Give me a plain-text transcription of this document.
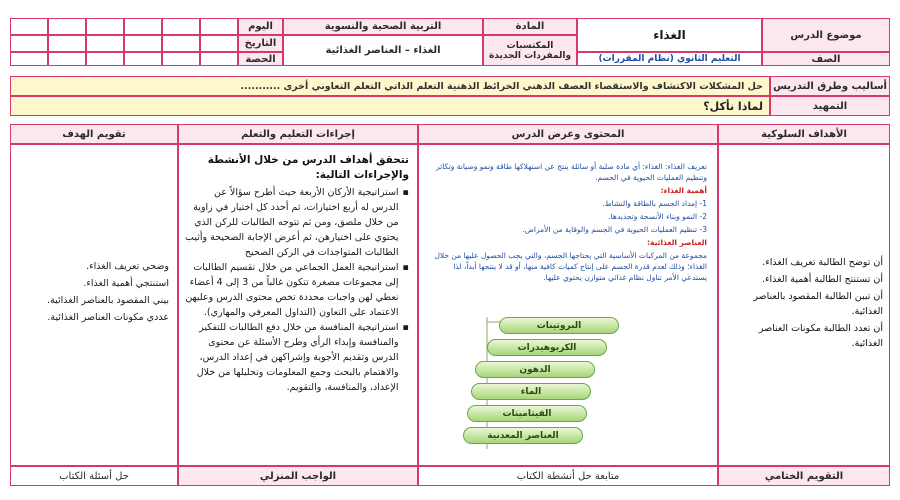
موضوع الدرس
الغذاء
المادة
المكتسبات والمفردات الجديدة
التربية الصحية والنسوية
الغذاء – العناصر الغذائية
اليوم
التاريخ
الحصة	الصف
التعليم الثانوي (نظام المقررات)
أساليب وطرق التدريس
حل المشكلات الاكتشاف والاستقصاء العصف الذهني الخرائط الذهنية التعلم الذاتي التعلم التعاوني أخرى ...........
التمهيد
لماذا نأكل؟
الأهداف السلوكية
المحتوى وعرض الدرس
إجراءات التعليم والتعلم
تقويم الهدف

أن توضح الطالبة تعريف الغذاء.

أن تستنتج الطالبة أهمية الغذاء.

أن تبين الطالبة المقصود بالعناصر الغذائية.

أن تعدد الطالبة مكونات العناصر الغذائية.

تعريف الغذاء: الغذاء: أي مادة صلبة أو سائلة ينتج عن استهلاكها طاقة ونمو وصيانة وتكاثر وتنظيم العمليات الحيوية في الجسم.

أهمية الغذاء:

1- إمداد الجسم بالطاقة والنشاط.

2- النمو وبناء الأنسجة وتجديدها.

3- تنظيم العمليات الحيوية في الجسم والوقاية من الأمراض.

العناصر الغذائية:

مجموعة من المركبات الأساسية التي يحتاجها الجسم، والتي يجب الحصول عليها من خلال الغذاء؛ وذلك لعدم قدرة الجسم على إنتاج كميات كافية منها، أو قد لا ينتجها أبداً، لذا يستدعي الأمر تناول نظام غذائي متوازن يحتوي عليها.

البروتينات
الكربوهيدرات
الدهون
الماء
الفيتامينات
العناصر المعدنية

تتحقق أهداف الدرس من خلال الأنشطة والإجراءات التالية:

▪
استراتيجية الأركان الأربعة حيث أطرح سؤالاً عن الدرس له أربع اختيارات، ثم أحدد كل اختيار في زاوية من خلال ملصق، ومن ثم تتوجه الطالبات للركن الذي يحتوي على اختيارهن، ثم أعرض الإجابة الصحيحة وأثيب الطالبات المتواجدات في الركن الصحيح
▪
استراتيجية العمل الجماعي من خلال تقسيم الطالبات إلى مجموعات مصغرة تتكون غالباً من 3 إلى 4 أعضاء نعطي لهن واجبات محددة تخص محتوى الدرس وعليهن الاعتماد على التعاون (التداول المعرفي والمهاري).
▪
استراتيجية المنافسة من خلال دفع الطالبات للتفكير والمنافسة وإبداء الرأي وطرح الأسئلة عن محتوى الدرس وتقديم الأجوبة وإشراكهن في إعداد الدرس، والاهتمام بالبحث وجمع المعلومات وتحليلها من خلال الإعداد، والمنافسة، والتقويم.

وضحي تعريف الغذاء.

استنتجي أهمية الغذاء.

بيني المقصود بالعناصر الغذائية.

عددي مكونات العناصر الغذائية.

التقويم الختامي
متابعة حل أنشطة الكتاب
الواجب المنزلي
حل أسئلة الكتاب
